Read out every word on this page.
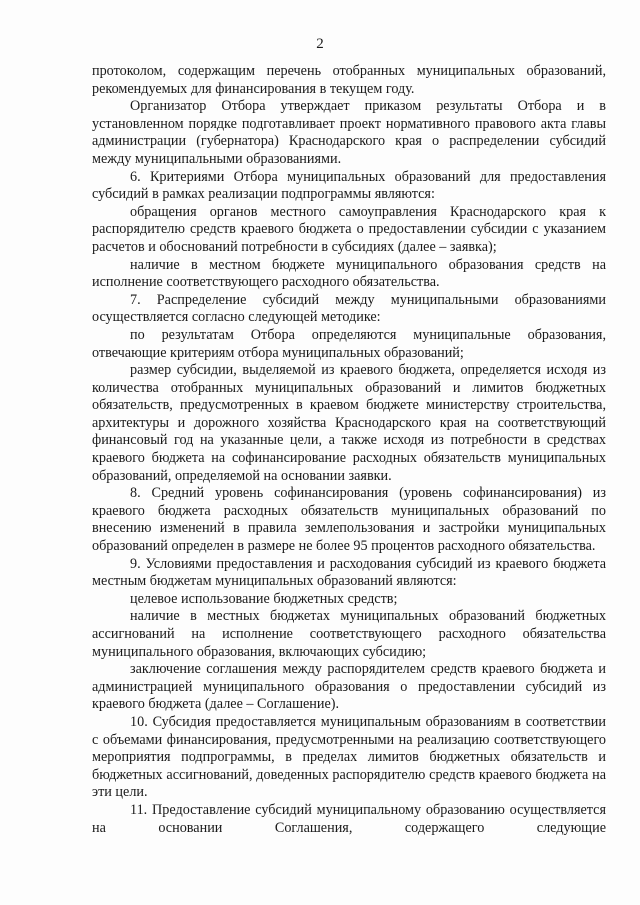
2

протоколом, содержащим перечень отобранных муниципальных образований, рекомендуемых для финансирования в текущем году.

Организатор Отбора утверждает приказом результаты Отбора и в установленном порядке подготавливает проект нормативного правового акта главы администрации (губернатора) Краснодарского края о распределении субсидий между муниципальными образованиями.

6. Критериями Отбора муниципальных образований для предоставления субсидий в рамках реализации подпрограммы являются:

обращения органов местного самоуправления Краснодарского края к распорядителю средств краевого бюджета о предоставлении субсидии с указанием расчетов и обоснований потребности в субсидиях (далее – заявка);

наличие в местном бюджете муниципального образования средств на исполнение соответствующего расходного обязательства.

7. Распределение субсидий между муниципальными образованиями осуществляется согласно следующей методике:

по результатам Отбора определяются муниципальные образования, отвечающие критериям отбора муниципальных образований;

размер субсидии, выделяемой из краевого бюджета, определяется исходя из количества отобранных муниципальных образований и лимитов бюджетных обязательств, предусмотренных в краевом бюджете министерству строительства, архитектуры и дорожного хозяйства Краснодарского края на соответствующий финансовый год на указанные цели, а также исходя из потребности в средствах краевого бюджета на софинансирование расходных обязательств муниципальных образований, определяемой на основании заявки.

8. Средний уровень софинансирования (уровень софинансирования) из краевого бюджета расходных обязательств муниципальных образований по внесению изменений в правила землепользования и застройки муниципальных образований определен в размере не более 95 процентов расходного обязательства.

9. Условиями предоставления и расходования субсидий из краевого бюджета местным бюджетам муниципальных образований являются:

целевое использование бюджетных средств;

наличие в местных бюджетах муниципальных образований бюджетных ассигнований на исполнение соответствующего расходного обязательства муниципального образования, включающих субсидию;

заключение соглашения между распорядителем средств краевого бюджета и администрацией муниципального образования о предоставлении субсидий из краевого бюджета (далее – Соглашение).

10. Субсидия предоставляется муниципальным образованиям в соответствии с объемами финансирования, предусмотренными на реализацию соответствующего мероприятия подпрограммы, в пределах лимитов бюджетных обязательств и бюджетных ассигнований, доведенных распорядителю средств краевого бюджета на эти цели.

11. Предоставление субсидий муниципальному образованию осуществляется на основании Соглашения, содержащего следующие
